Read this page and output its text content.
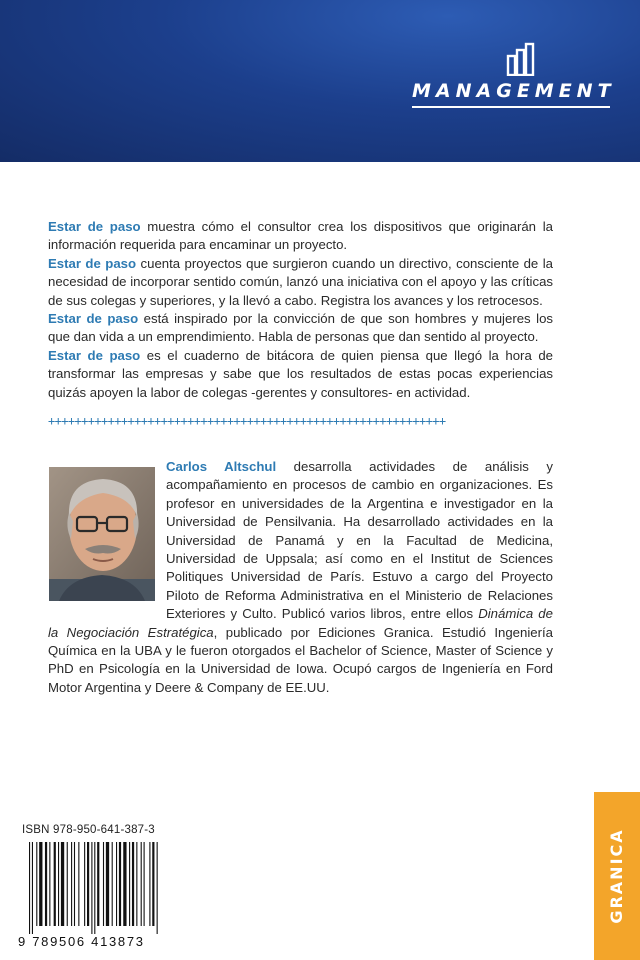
MANAGEMENT

Estar de paso muestra cómo el consultor crea los dispositivos que originarán la información requerida para encaminar un proyecto.

Estar de paso cuenta proyectos que surgieron cuando un directivo, consciente de la necesidad de incorporar sentido común, lanzó una iniciativa con el apoyo y las críticas de sus colegas y superiores, y la llevó a cabo. Registra los avances y los retrocesos.

Estar de paso está inspirado por la convicción de que son hombres y mujeres los que dan vida a un emprendimiento. Habla de personas que dan sentido al proyecto.

Estar de paso es el cuaderno de bitácora de quien piensa que llegó la hora de transformar las empresas y sabe que los resultados de estas pocas experiencias quizás apoyen la labor de colegas -gerentes y consultores- en actividad.

++++++++++++++++++++++++++++++++++++++++++++++++++++++++++++
Carlos Altschul desarrolla actividades de análisis y acompañamiento en procesos de cambio en organizaciones. Es profesor en universidades de la Argentina e investigador en la Universidad de Pensilvania. Ha desarrollado actividades en la Universidad de Panamá y en la Facultad de Medicina, Universidad de Uppsala; así como en el Institut de Sciences Politiques Universidad de París. Estuvo a cargo del Proyecto Piloto de Reforma Administrativa en el Ministerio de Relaciones Exteriores y Culto. Publicó varios libros, entre ellos Dinámica de la Negociación Estratégica, publicado por Ediciones Granica. Estudió Ingeniería Química en la UBA y le fueron otorgados el Bachelor of Science, Master of Science y PhD en Psicología en la Universidad de Iowa. Ocupó cargos de Ingeniería en Ford Motor Argentina y Deere & Company de EE.UU.
ISBN 978-950-641-387-3
9 789506 413873
GRANICA
